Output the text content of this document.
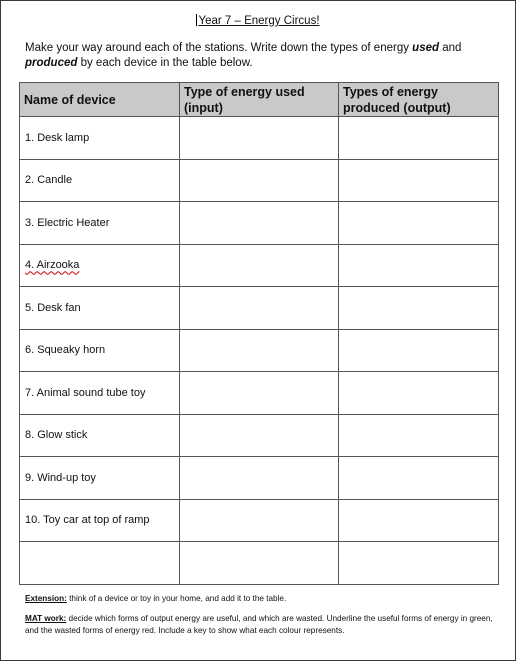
Year 7 – Energy Circus!
Make your way around each of the stations. Write down the types of energy used and produced by each device in the table below.
Name of device	Type of energy used (input)	Types of energy produced (output)

1. Desk lamp		

2. Candle		

3. Electric Heater		

4. Airzooka		

5. Desk fan		

6. Squeaky horn		

7. Animal sound tube toy		

8. Glow stick		

9. Wind-up toy		

10. Toy car at top of ramp		

Extension: think of a device or toy in your home, and add it to the table.
MAT work: decide which forms of output energy are useful, and which are wasted. Underline the useful forms of energy in green, and the wasted forms of energy red. Include a key to show what each colour represents.
